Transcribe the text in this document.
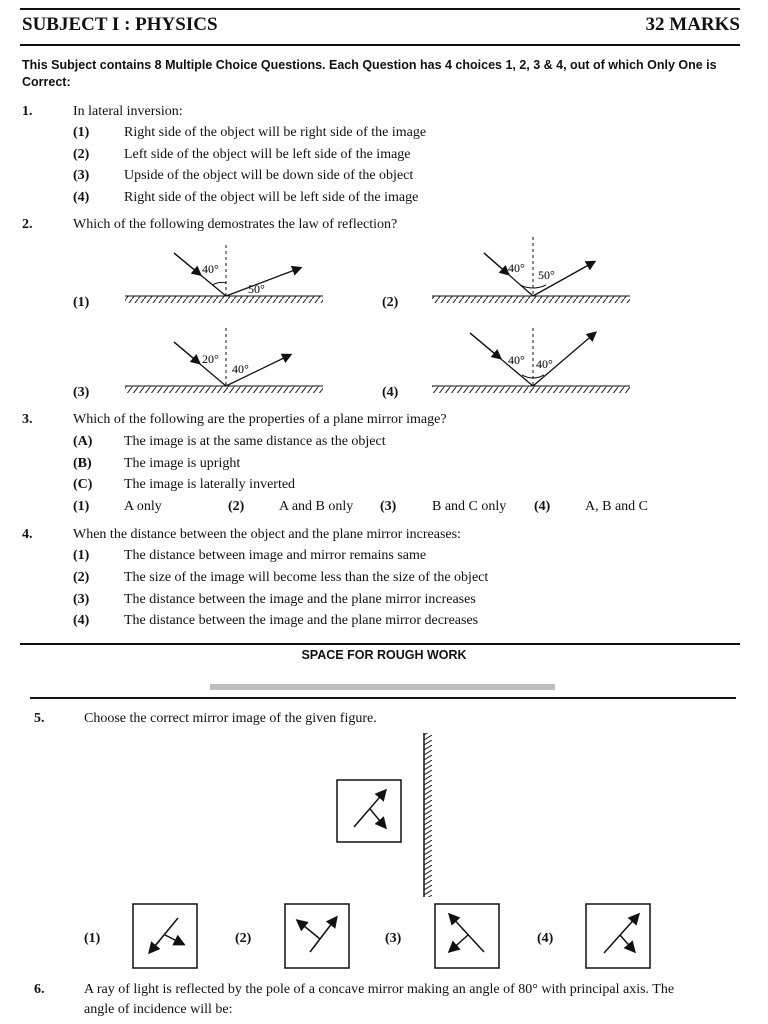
SUBJECT I : PHYSICS	32 MARKS
This Subject contains 8 Multiple Choice Questions. Each Question has 4 choices 1, 2, 3 & 4, out of which Only One is Correct:
1.	In lateral inversion:
(1) Right side of the object will be right side of the image
(2) Left side of the object will be left side of the image
(3) Upside of the object will be down side of the object
(4) Right side of the object will be left side of the image
2.	Which of the following demostrates the law of reflection?
(1)	(2)
(3)	(4)
40°
50°
40° 50°
20°
40°
40° 40°
3.	Which of the following are the properties of a plane mirror image?
(A) The image is at the same distance as the object
(B) The image is upright
(C) The image is laterally inverted
(1) A only	(2) A and B only (3)	B and C only (4) A, B and C
4.	When the distance between the object and the plane mirror increases:
(1) The distance between image and mirror remains same
(2) The size of the image will become less than the size of the object
(3) The distance between the image and the plane mirror increases
(4) The distance between the image and the plane mirror decreases
SPACE FOR ROUGH WORK
5.	Choose the correct mirror image of the given figure.
(1)	(2)	(3)	(4)
6.	A ray of light is reflected by the pole of a concave mirror making an angle of 80° with principal axis. The
angle of incidence will be:
